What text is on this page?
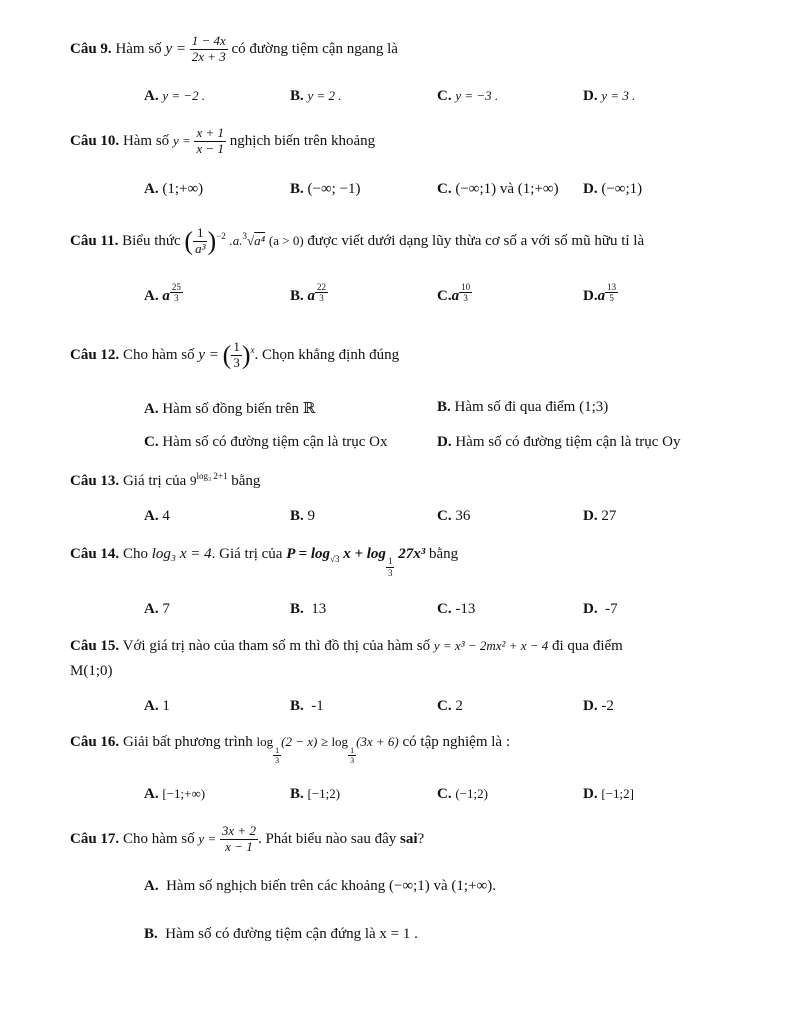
Câu 9. Hàm số $y = \frac{1 - 4x}{2x + 3}$ có đường tiệm cận ngang là
A. y = −2 .	B. y = 2 .	C. y = −3 .	D. y = 3 .
Câu 10. Hàm số $y = \frac{x + 1}{x - 1}$ nghịch biến trên khoảng
A. (1;+∞)	B. (−∞; −1)	C. (−∞;1) và (1;+∞) D. (−∞;1)
Câu 11. Biểu thức ( $\frac{1}{\text{a³}} )^{-2}$ .a.$^3$√a⁴ (a > 0) được viết dưới dạng lũy thừa cơ số a với số mũ hữu tỉ là
A. a $\frac{25}{3}$	B. a $\frac{22}{3}$	$C.a \frac{10}{3}$	$D.a \frac{13}{5}$
Câu 12. Cho hàm số y = ( $\frac{1}{3} )^x$. Chọn khẳng định đúng
A. Hàm số đồng biến trên ℝ	B. Hàm số đi qua điểm (1;3)
C. Hàm số có đường tiệm cận là trục Ox	D. Hàm số có đường tiệm cận là trục Oy
Câu 13. Giá trị của $9^{log_3 2+1}$ bằng
A. 4	B. 9	C. 36	D. 27
Câu 14. Cho log₃ x = 4. Giá trị của $P = \log_{√3} x + \log$
$\frac{1}{3}$
27x³ bằng
A. 7	B. 13	C. -13	D. -7
Câu 15. Với giá trị nào của tham số m thì đồ thị của hàm số y = x³ − 2mx² + x − 4 đi qua điểm
M(1;0)
A. 1	B. -1	C. 2	D. -2
Câu 16. Giải bất phương trình log
$\frac{1}{3}$
(2 − x) ≥ log
$\frac{1}{3}$
(3x + 6) có tập nghiệm là :
A. [−1;+∞)	B. [−1;2)	C. (−1;2)	D. [−1;2]
Câu 17. Cho hàm số $y = \frac{3x + 2}{x - 1}$ . Phát biểu nào sau đây sai?
A. Hàm số nghịch biến trên các khoảng (−∞;1) và (1;+∞).
B. Hàm số có đường tiệm cận đứng là x = 1 .
